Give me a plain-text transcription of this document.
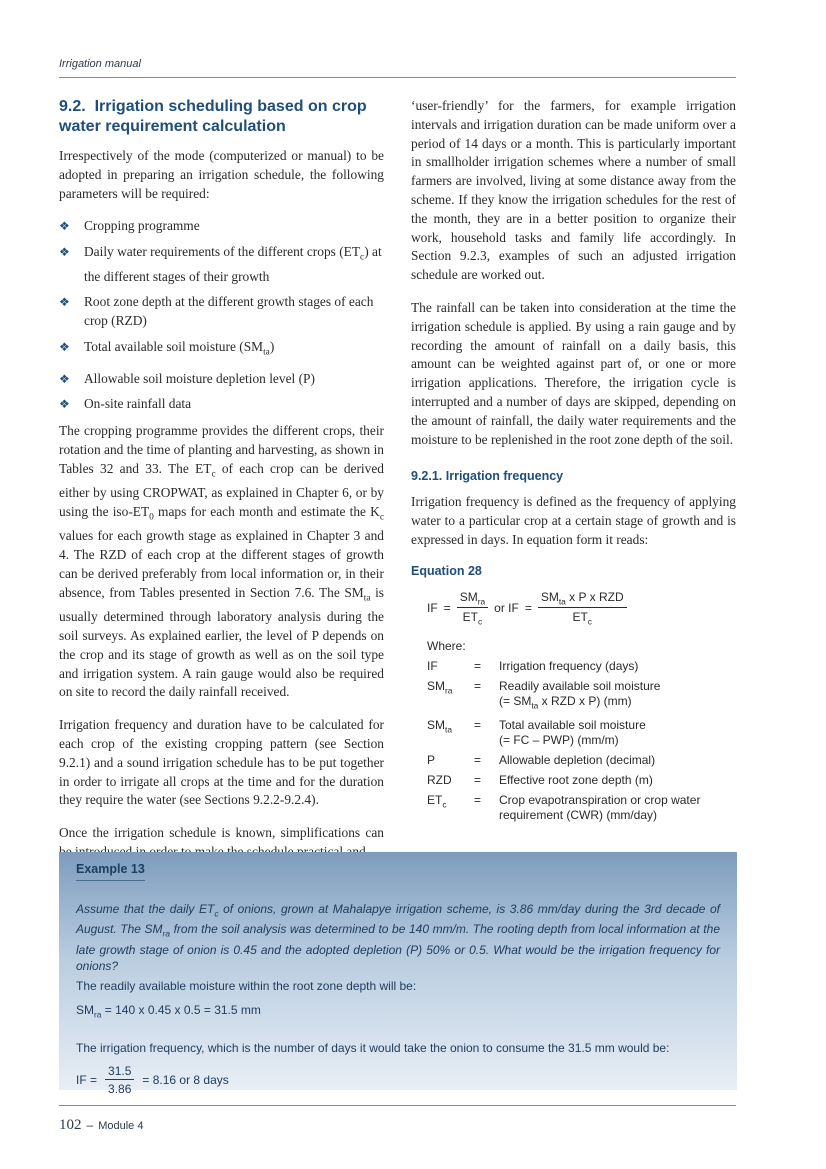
Irrigation manual
9.2. Irrigation scheduling based on crop water requirement calculation

Irrespectively of the mode (computerized or manual) to be adopted in preparing an irrigation schedule, the following parameters will be required:

❖ Cropping programme
❖ Daily water requirements of the different crops $(ET_c)$ at the different stages of their growth
❖ Root zone depth at the different growth stages of each crop (RZD)
❖ Total available soil moisture $(SM_{ta})$
❖ Allowable soil moisture depletion level (P)
❖ On-site rainfall data

The cropping programme provides the different crops, their rotation and the time of planting and harvesting, as shown in Tables 32 and 33. The $ET_c$ of each crop can be derived either by using CROPWAT, as explained in Chapter 6, or by using the iso-$ET_0$ maps for each month and estimate the $K_c$ values for each growth stage as explained in Chapter 3 and 4. The RZD of each crop at the different stages of growth can be derived preferably from local information or, in their absence, from Tables presented in Section 7.6. The $SM_{ta}$ is usually determined through laboratory analysis during the soil surveys. As explained earlier, the level of P depends on the crop and its stage of growth as well as on the soil type and irrigation system. A rain gauge would also be required on site to record the daily rainfall received.

Irrigation frequency and duration have to be calculated for each crop of the existing cropping pattern (see Section 9.2.1) and a sound irrigation schedule has to be put together in order to irrigate all crops at the time and for the duration they require the water (see Sections 9.2.2-9.2.4).

Once the irrigation schedule is known, simplifications can

‘user-friendly’ for the farmers, for example irrigation intervals and irrigation duration can be made uniform over a period of 14 days or a month. This is particularly important in smallholder irrigation schemes where a number of small farmers are involved, living at some distance away from the scheme. If they know the irrigation schedules for the rest of the month, they are in a better position to organize their work, household tasks and family life accordingly. In Section 9.2.3, examples of such an adjusted irrigation schedule are worked out.

The rainfall can be taken into consideration at the time the irrigation schedule is applied. By using a rain gauge and by recording the amount of rainfall on a daily basis, this amount can be weighted against part of, or one or more irrigation applications. Therefore, the irrigation cycle is interrupted and a number of days are skipped, depending on the amount of rainfall, the daily water requirements and the moisture to be replenished in the root zone depth of the soil.

9.2.1. Irrigation frequency

Irrigation frequency is defined as the frequency of applying water to a particular crop at a certain stage of growth and is expressed in days. In equation form it reads:

Equation 28
IF = $\frac{SM_{ra}}{ET_c}$ or IF = $\frac{SM_{ta} x P x RZD}{ET_c}$
Where:		
IF	=	Irrigation frequency (days)
$SM_{ra}$	=	Readily available soil moisture
(= $SM_{ta}$ x RZD x P) (mm)
$SM_{ta}$	=	Total available soil moisture
(= FC – PWP) (mm/m)
P	=	Allowable depletion (decimal)
RZD	=	Effective root zone depth (m)
$ET_c$	=	Crop evapotranspiration or crop water
requirement (CWR) (mm/day)
Example 13

Assume that the daily $ET_c$ of onions, grown at Mahalapye irrigation scheme, is 3.86 mm/day during the 3rd decade of August. The $SM_{ra}$ from the soil analysis was determined to be 140 mm/m. The rooting depth from local information at the late growth stage of onion is 0.45 and the adopted depletion (P) 50% or 0.5. What would be the irrigation frequency for onions?

The readily available moisture within the root zone depth will be:

$SM_{ra} = 140$ x 0.45 x 0.5 = 31.5 mm

The irrigation frequency, which is the number of days it would take the onion to consume the 31.5 mm would be:

IF = $\frac{31.5}{3.86} = 8.16$ or 8 days
102 – Module 4
